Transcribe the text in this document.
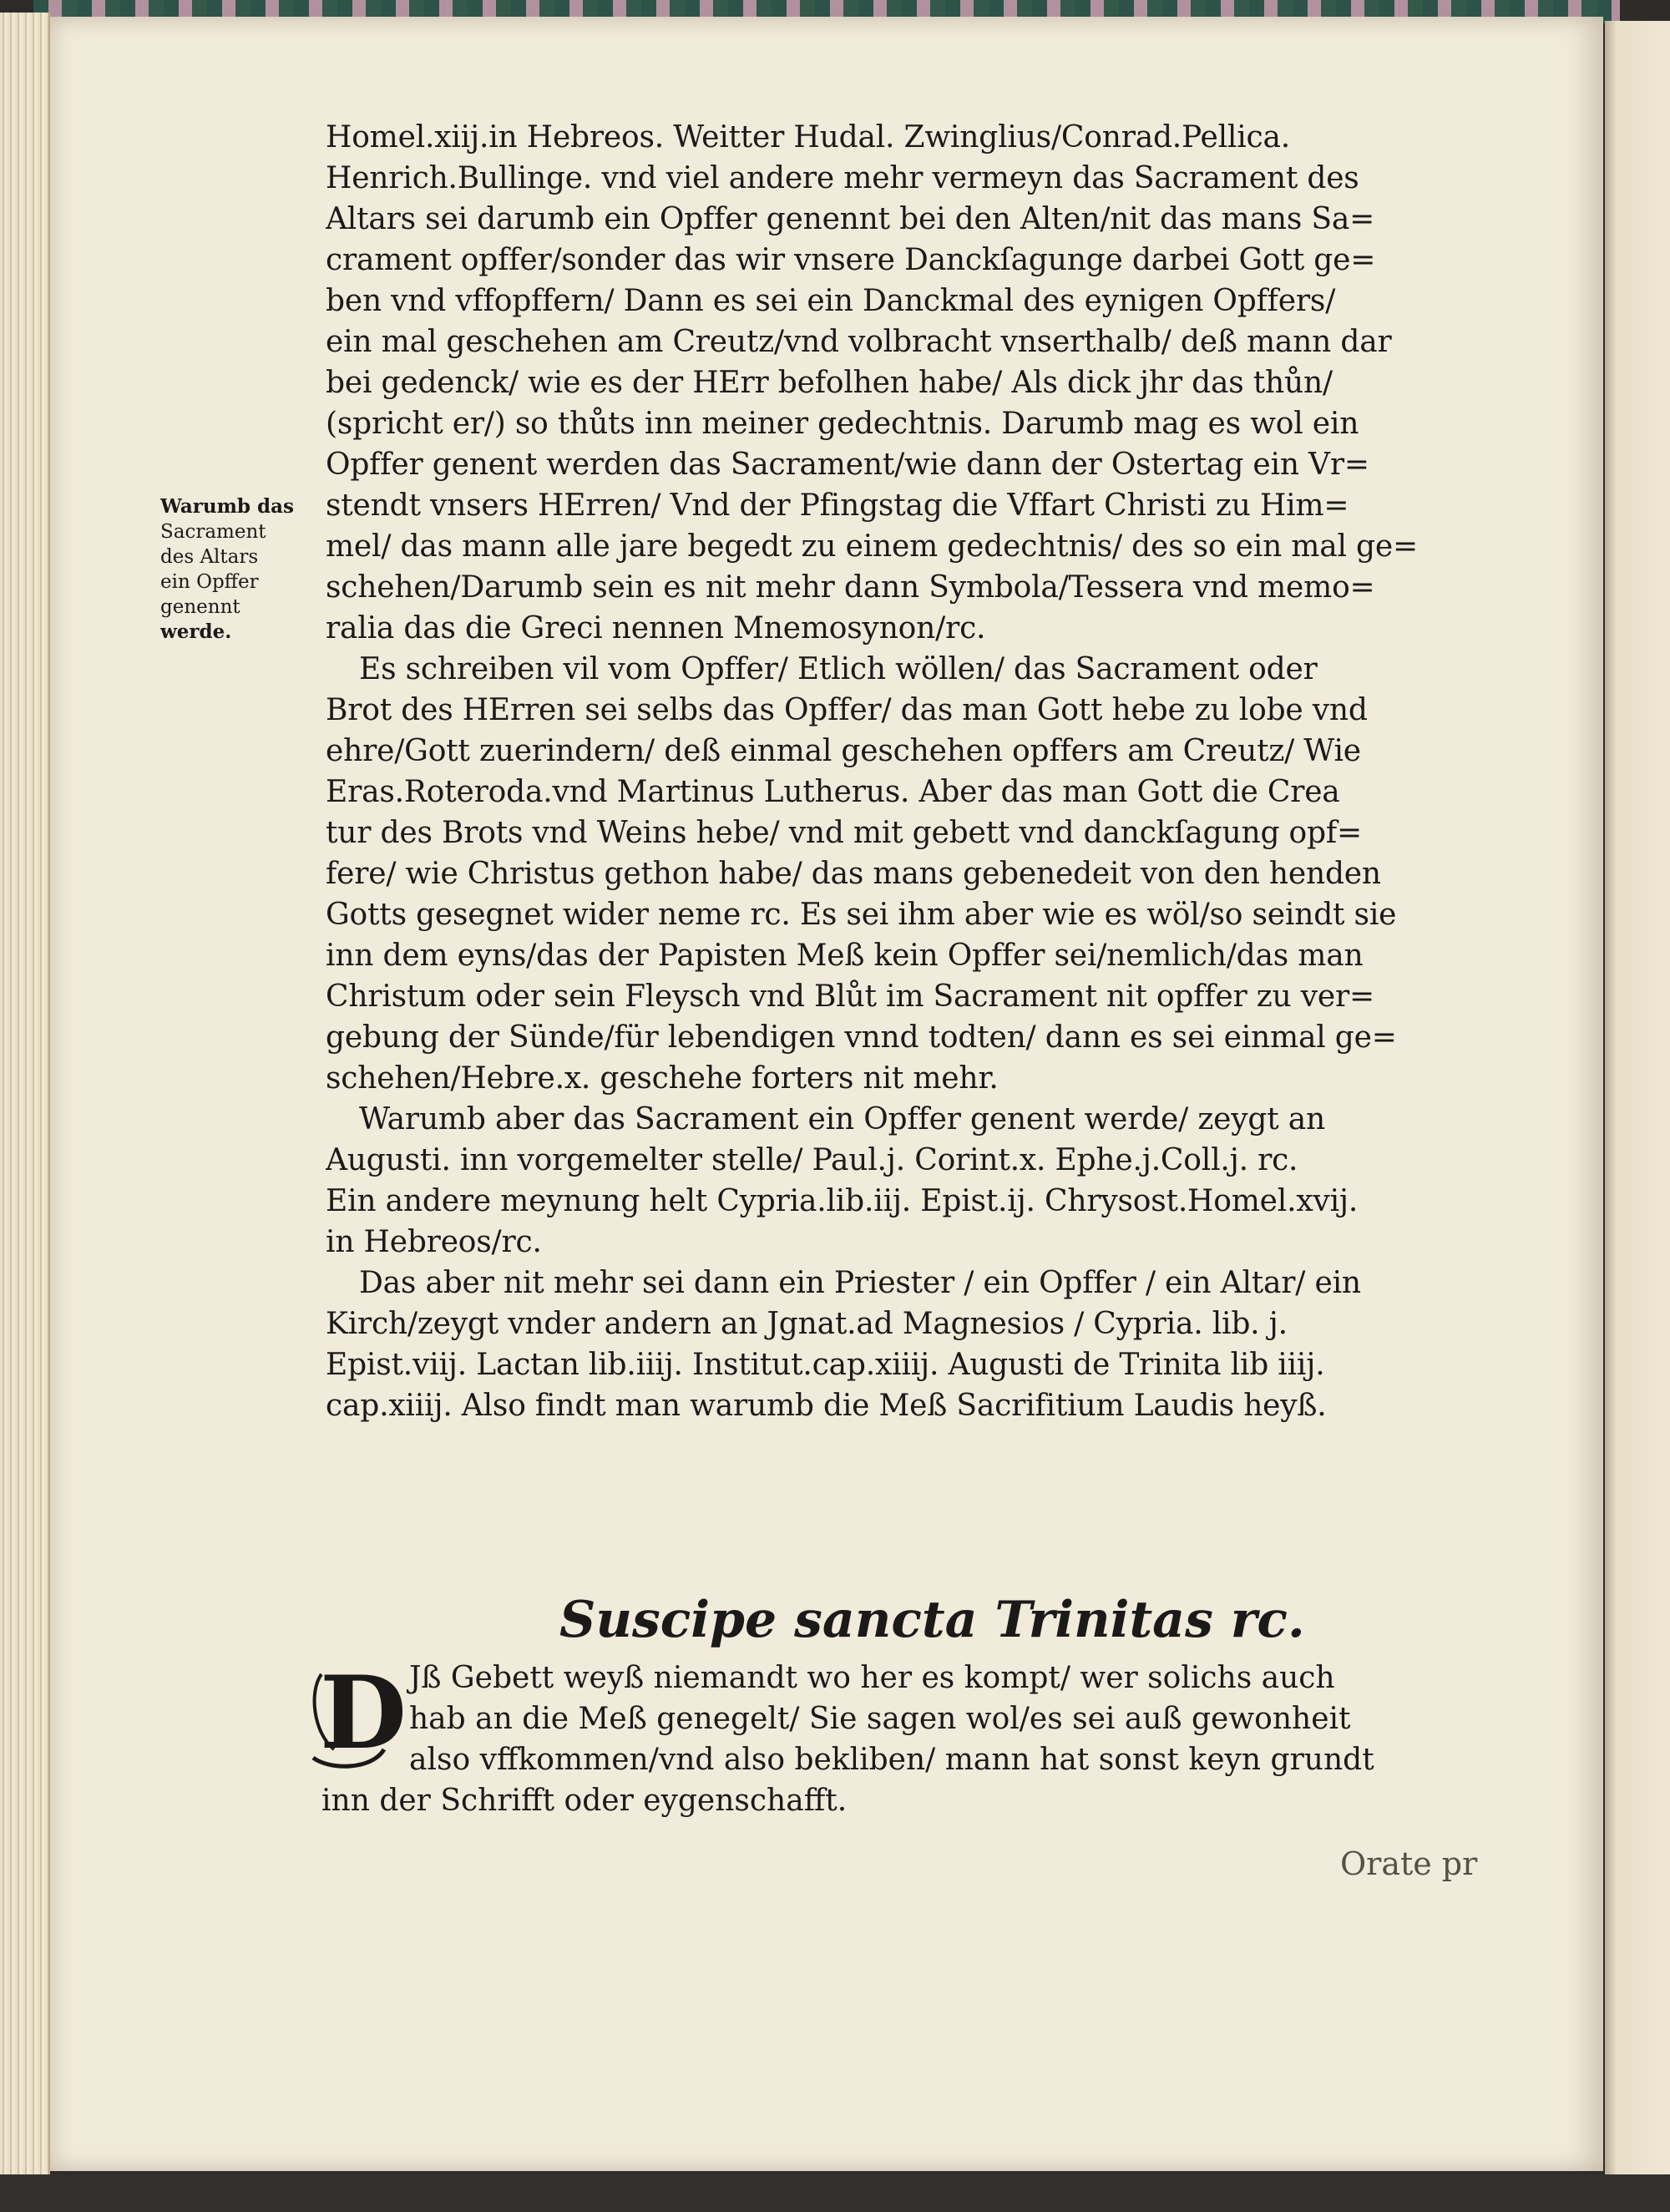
Warumb das
Sacrament
des Altars
ein Opffer
genennt
werde.
Homel.xiij.in Hebreos. Weitter Hudal. Zwinglius/Conrad.Pellica.
Henrich.Bullinge. vnd viel andere mehr vermeyn das Sacrament des
Altars sei darumb ein Opffer genennt bei den Alten/nit das mans Sa=
crament opffer/sonder das wir vnsere Danckſagunge darbei Gott ge=
ben vnd vffopffern/ Dann es sei ein Danckmal des eynigen Opffers/
ein mal geschehen am Creutz/vnd volbracht vnserthalb/ deß mann dar
bei gedenck/ wie es der HErr befolhen habe/ Als dick jhr das thůn/
(spricht er/) so thůts inn meiner gedechtnis. Darumb mag es wol ein
Opffer genent werden das Sacrament/wie dann der Ostertag ein Vr=
stendt vnsers HErren/ Vnd der Pfingstag die Vffart Christi zu Him=
mel/ das mann alle jare begedt zu einem gedechtnis/ des so ein mal ge=
schehen/Darumb sein es nit mehr dann Symbola/Tessera vnd memo=
ralia das die Greci nennen Mnemosynon/rc.
Es schreiben vil vom Opffer/ Etlich wöllen/ das Sacrament oder
Brot des HErren sei selbs das Opffer/ das man Gott hebe zu lobe vnd
ehre/Gott zuerindern/ deß einmal geschehen opffers am Creutz/ Wie
Eras.Roteroda.vnd Martinus Lutherus. Aber das man Gott die Crea
tur des Brots vnd Weins hebe/ vnd mit gebett vnd danckſagung opf=
fere/ wie Christus gethon habe/ das mans gebenedeit von den henden
Gotts gesegnet wider neme rc. Es sei ihm aber wie es wöl/so seindt sie
inn dem eyns/das der Papisten Meß kein Opffer sei/nemlich/das man
Christum oder sein Fleysch vnd Blůt im Sacrament nit opffer zu ver=
gebung der Sünde/für lebendigen vnnd todten/ dann es sei einmal ge=
schehen/Hebre.x. geschehe forters nit mehr.
Warumb aber das Sacrament ein Opffer genent werde/ zeygt an
Augusti. inn vorgemelter stelle/ Paul.j. Corint.x. Ephe.j.Coll.j. rc.
Ein andere meynung helt Cypria.lib.iij. Epist.ij. Chrysost.Homel.xvij.
in Hebreos/rc.
Das aber nit mehr sei dann ein Priester / ein Opffer / ein Altar/ ein
Kirch/zeygt vnder andern an Jgnat.ad Magnesios / Cypria. lib. j.
Epist.viij. Lactan lib.iiij. Institut.cap.xiiij. Augusti de Trinita lib iiij.
cap.xiiij. Also findt man warumb die Meß Sacrifitium Laudis heyß.
Suscipe sancta Trinitas rc.
D Jß Gebett weyß niemandt wo her es kompt/ wer solichs auch
hab an die Meß genegelt/ Sie sagen wol/es sei auß gewonheit
also vffkommen/vnd also bekliben/ mann hat sonst keyn grundt
inn der Schrifft oder eygenschafft.
Orate pr
